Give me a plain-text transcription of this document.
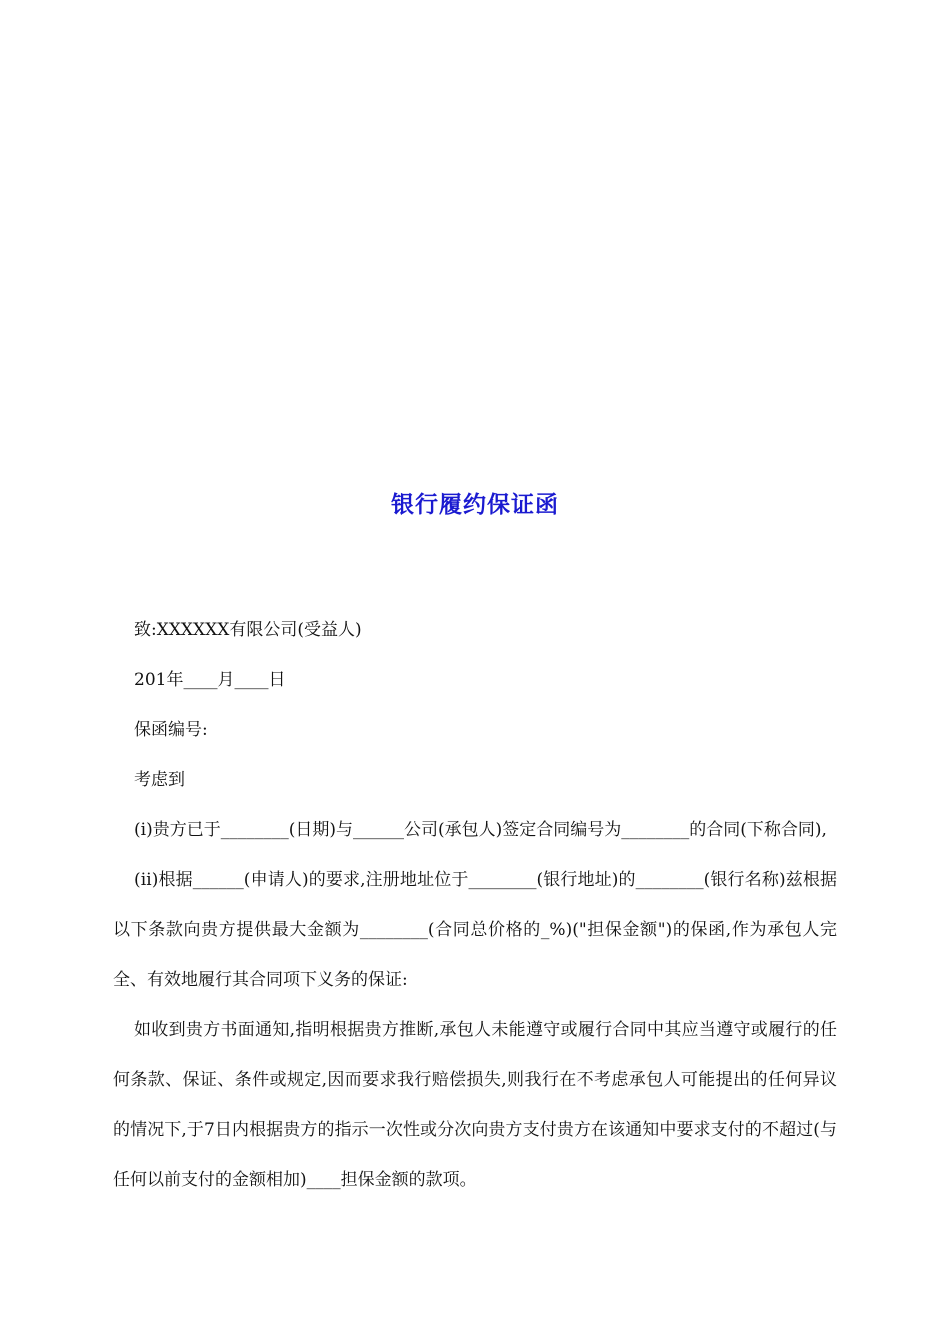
银行履约保证函

致:XXXXXX有限公司(受益人)

201年____月____日

保函编号:

考虑到

(ⅰ)贵方已于________(日期)与______公司(承包人)签定合同编号为________的合同(下称合同),

(ⅱ)根据______(申请人)的要求,注册地址位于________(银行地址)的________(银行名称)兹根据以下条款向贵方提供最大金额为________(合同总价格的_%)("担保金额")的保函,作为承包人完全、有效地履行其合同项下义务的保证:

如收到贵方书面通知,指明根据贵方推断,承包人未能遵守或履行合同中其应当遵守或履行的任何条款、保证、条件或规定,因而要求我行赔偿损失,则我行在不考虑承包人可能提出的任何异议的情况下,于7日内根据贵方的指示一次性或分次向贵方支付贵方在该通知中要求支付的不超过(与任何以前支付的金额相加)____担保金额的款项。
